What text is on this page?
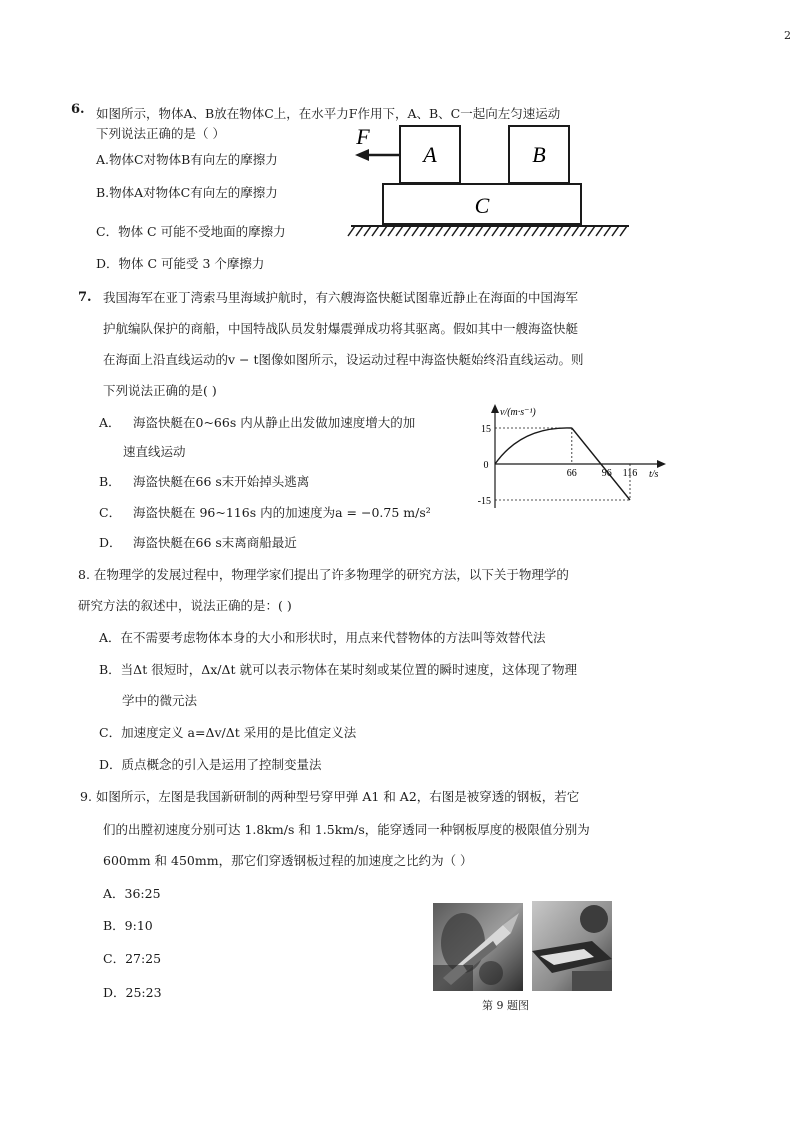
2
6. 如图所示，物体A、B放在物体C上，在水平力F作用下，A、B、C一起向左匀速运动
下列说法正确的是（ ）
A.物体C对物体B有向左的摩擦力
B.物体A对物体C有向左的摩擦力
C．物体 C 可能不受地面的摩擦力
D．物体 C 可能受 3 个摩擦力
A	B
C
F
7. 我国海军在亚丁湾索马里海域护航时，有六艘海盗快艇试图靠近静止在海面的中国海军
护航编队保护的商船，中国特战队员发射爆震弹成功将其驱离。假如其中一艘海盗快艇
在海面上沿直线运动的v − t图像如图所示，设运动过程中海盗快艇始终沿直线运动。则
下列说法正确的是( )
A． 海盗快艇在0~66s 内从静止出发做加速度增大的加
速直线运动
B． 海盗快艇在66 s末开始掉头逃离
C． 海盗快艇在 96~116s 内的加速度为a = −0.75 m/s²
D． 海盗快艇在66 s末离商船最近
v/(m·s⁻¹)
t/s
0
15
-15
66 96 116
8. 在物理学的发展过程中，物理学家们提出了许多物理学的研究方法，以下关于物理学的
研究方法的叙述中，说法正确的是：( )
A．在不需要考虑物体本身的大小和形状时，用点来代替物体的方法叫等效替代法
B．当Δt 很短时，Δx/Δt 就可以表示物体在某时刻或某位置的瞬时速度，这体现了物理
学中的微元法
C．加速度定义 a=Δv/Δt 采用的是比值定义法
D．质点概念的引入是运用了控制变量法
9. 如图所示，左图是我国新研制的两种型号穿甲弹 A1 和 A2，右图是被穿透的钢板，若它
们的出膛初速度分别可达 1.8km/s 和 1.5km/s，能穿透同一种钢板厚度的极限值分别为
600mm 和 450mm，那它们穿透钢板过程的加速度之比约为（ ）
A．36:25
B．9:10
C．27:25
D．25:23
第 9 题图
